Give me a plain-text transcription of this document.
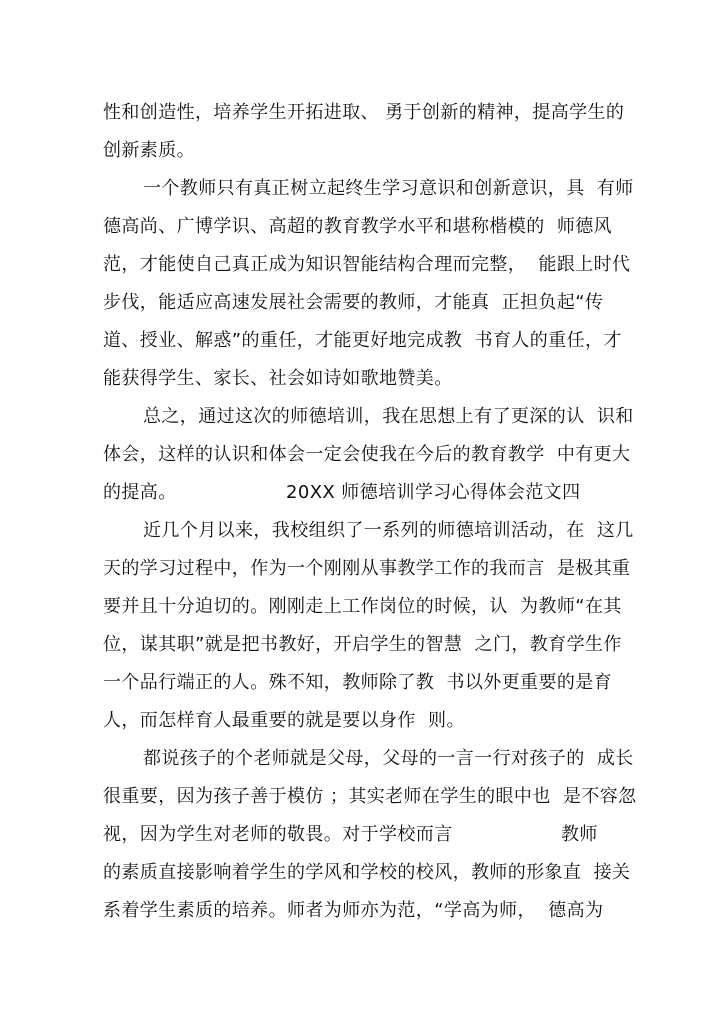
性和创造性，培养学生开拓进取、 勇于创新的精神，提高学生的
创新素质。
一个教师只有真正树立起终生学习意识和创新意识，具  有师
德高尚、广博学识、高超的教育教学水平和堪称楷模的  师德风
范，才能使自己真正成为知识智能结构合理而完整，  能跟上时代
步伐，能适应高速发展社会需要的教师，才能真  正担负起“传
道、授业、解惑”的重任，才能更好地完成教  书育人的重任，才
能获得学生、家长、社会如诗如歌地赞美。
总之，通过这次的师德培训，我在思想上有了更深的认  识和
体会，这样的认识和体会一定会使我在今后的教育教学  中有更大
的提高。	20XX 师德培训学习心得体会范文四
近几个月以来，我校组织了一系列的师德培训活动，在  这几
天的学习过程中，作为一个刚刚从事教学工作的我而言  是极其重
要并且十分迫切的。刚刚走上工作岗位的时候，认  为教师“在其
位，谋其职”就是把书教好，开启学生的智慧  之门，教育学生作
一个品行端正的人。殊不知，教师除了教  书以外更重要的是育
人，而怎样育人最重要的就是要以身作  则。
都说孩子的个老师就是父母，父母的一言一行对孩子的  成长
很重要，因为孩子善于模仿 ；其实老师在学生的眼中也  是不容忽
视，因为学生对老师的敬畏。对于学校而言	教师
的素质直接影响着学生的学风和学校的校风，教师的形象直  接关
系着学生素质的培养。师者为师亦为范，“学高为师，  德高为
